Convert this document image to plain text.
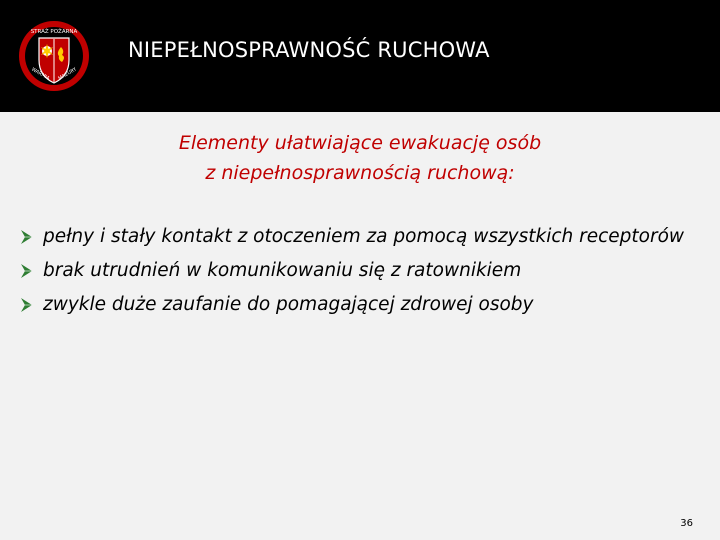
STRAŻ POŻARNA
WARMIA MAZURY
NIEPEŁNOSPRAWNOŚĆ RUCHOWA
Elementy ułatwiające ewakuację osób
z niepełnosprawnością ruchową:
pełny i stały kontakt z otoczeniem za pomocą wszystkich receptorów
brak utrudnień w komunikowaniu się z ratownikiem
zwykle duże zaufanie do pomagającej zdrowej osoby
36
